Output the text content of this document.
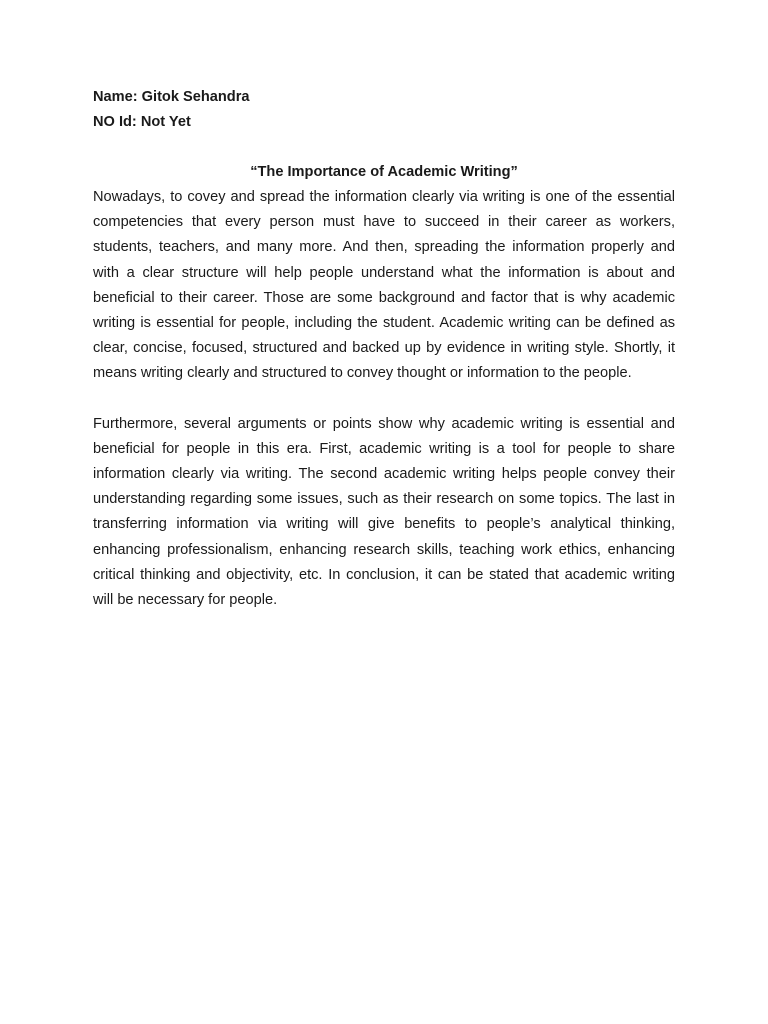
Name: Gitok Sehandra

NO Id: Not Yet

“The Importance of Academic Writing”

Nowadays, to covey and spread the information clearly via writing is one of the essential competencies that every person must have to succeed in their career as workers, students, teachers, and many more. And then, spreading the information properly and with a clear structure will help people understand what the information is about and beneficial to their career. Those are some background and factor that is why academic writing is essential for people, including the student. Academic writing can be defined as clear, concise, focused, structured and backed up by evidence in writing style. Shortly, it means writing clearly and structured to convey thought or information to the people.

Furthermore, several arguments or points show why academic writing is essential and beneficial for people in this era. First, academic writing is a tool for people to share information clearly via writing. The second academic writing helps people convey their understanding regarding some issues, such as their research on some topics. The last in transferring information via writing will give benefits to people’s analytical thinking, enhancing professionalism, enhancing research skills, teaching work ethics, enhancing critical thinking and objectivity, etc. In conclusion, it can be stated that academic writing will be necessary for people.
